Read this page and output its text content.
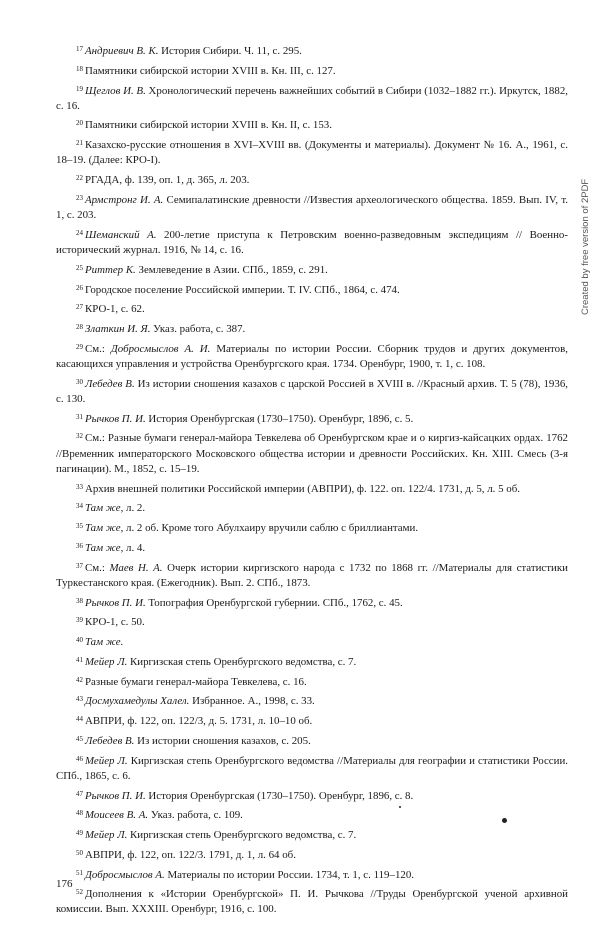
$^{17}$ Андриевич В. К. История Сибири. Ч. 11, с. 295.
$^{18}$ Памятники сибирской истории XVIII в. Кн. III, с. 127.
$^{19}$ Щеглов И. В. Хронологический перечень важнейших событий в Сибири (1032–1882 гг.). Иркутск, 1882, с. 16.
$^{20}$ Памятники сибирской истории XVIII в. Кн. II, с. 153.
$^{21}$ Казахско-русские отношения в XVI–XVIII вв. (Документы и материалы). Документ № 16. А., 1961, с. 18–19. (Далее: КРО-I).
$^{22}$ РГАДА, ф. 139, оп. 1, д. 365, л. 203.
$^{23}$ Армстронг И. А. Семипалатинские древности //Известия археологического общества. 1859. Вып. IV, т. 1, с. 203.
$^{24}$ Шеманский А. 200-летие приступа к Петровским военно-разведовным экспедициям // Военно-исторический журнал. 1916, № 14, с. 16.
$^{25}$ Риттер К. Землеведение в Азии. СПб., 1859, с. 291.
$^{26}$ Городское поселение Российской империи. Т. IV. СПб., 1864, с. 474.
$^{27}$ КРО-1, с. 62.
$^{28}$ Златкин И. Я. Указ. работа, с. 387.
$^{29}$ См.: Добросмыслов А. И. Материалы по истории России. Сборник трудов и других документов, касающихся управления и устройства Оренбургского края. 1734. Оренбург, 1900, т. 1, с. 108.
$^{30}$ Лебедев В. Из истории сношения казахов с царской Россией в XVIII в. //Красный архив. Т. 5 (78), 1936, с. 130.
$^{31}$ Рычков П. И. История Оренбургская (1730–1750). Оренбург, 1896, с. 5.
$^{32}$ См.: Разные бумаги генерал-майора Тевкелева об Оренбургском крае и о киргиз-кайсацких ордах. 1762 //Временник императорского Московского общества истории и древности Российских. Кн. XIII. Смесь (3-я пагинации). М., 1852, с. 15–19.
$^{33}$ Архив внешней политики Российской империи (АВПРИ), ф. 122. оп. 122/4. 1731, д. 5, л. 5 об.
$^{34}$ Там же, л. 2.
$^{35}$ Там же, л. 2 об. Кроме того Абулхаиру вручили саблю с бриллиантами.
$^{36}$ Там же, л. 4.
$^{37}$ См.: Маев Н. А. Очерк истории киргизского народа с 1732 по 1868 гг. //Материалы для статистики Туркестанского края. (Ежегодник). Вып. 2. СПб., 1873.
$^{38}$ Рычков П. И. Топография Оренбургской губернии. СПб., 1762, с. 45.
$^{39}$ КРО-1, с. 50.
$^{40}$ Там же.
$^{41}$ Мейер Л. Киргизская степь Оренбургского ведомства, с. 7.
$^{42}$ Разные бумаги генерал-майора Тевкелева, с. 16.
$^{43}$ Досмухамедулы Халел. Избранное. А., 1998, с. 33.
$^{44}$ АВПРИ, ф. 122, оп. 122/3, д. 5. 1731, л. 10–10 об.
$^{45}$ Лебедев В. Из истории сношения казахов, с. 205.
$^{46}$ Мейер Л. Киргизская степь Оренбургского ведомства //Материалы для географии и статистики России. СПб., 1865, с. 6.
$^{47}$ Рычков П. И. История Оренбургская (1730–1750). Оренбург, 1896, с. 8.
$^{48}$ Моисеев В. А. Указ. работа, с. 109.
$^{49}$ Мейер Л. Киргизская степь Оренбургского ведомства, с. 7.
$^{50}$ АВПРИ, ф. 122, оп. 122/3. 1791, д. 1, л. 64 об.
$^{51}$ Добросмыслов А. Материалы по истории России. 1734, т. 1, с. 119–120.
$^{52}$ Дополнения к «Истории Оренбургской» П. И. Рычкова //Труды Оренбургской ученой архивной комиссии. Вып. XXXIII. Оренбург, 1916, с. 100.
176
Created by free version of 2PDF
